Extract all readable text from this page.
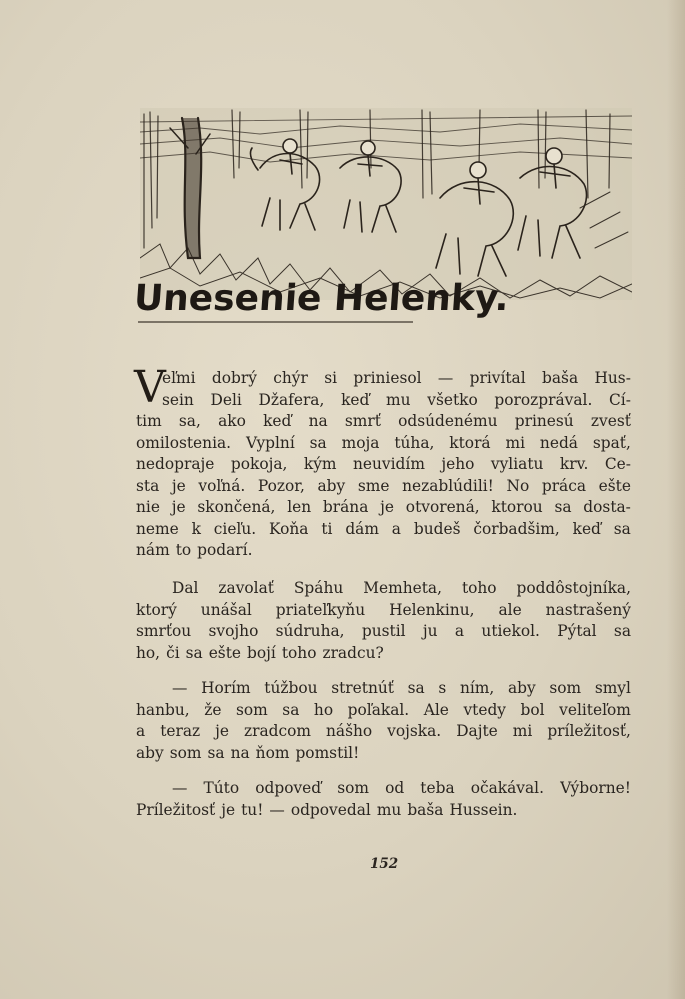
Unesenie Helenky.
V
eľmi dobrý chýr si priniesol — privítal baša Hus-
sein Deli Džafera, keď mu všetko porozprával. Cí-
tim sa, ako keď na smrť odsúdenému prinesú zvesť
omilostenia. Vyplní sa moja túha, ktorá mi nedá spať,
nedopraje pokoja, kým neuvidím jeho vyliatu krv. Ce-
sta je voľná. Pozor, aby sme nezablúdili! No práca ešte
nie je skončená, len brána je otvorená, ktorou sa dosta-
neme k cieľu. Koňa ti dám a budeš čorbadšim, keď sa
nám to podarí.
Dal zavolať Spáhu Memheta, toho poddôstojníka,
ktorý unášal priateľkyňu Helenkinu, ale nastrašený
smrťou svojho súdruha, pustil ju a utiekol. Pýtal sa
ho, či sa ešte bojí toho zradcu?
— Horím túžbou stretnúť sa s ním, aby som smyl
hanbu, že som sa ho poľakal. Ale vtedy bol veliteľom
a teraz je zradcom nášho vojska. Dajte mi príležitosť,
aby som sa na ňom pomstil!
— Túto odpoveď som od teba očakával. Výborne!
Príležitosť je tu! — odpovedal mu baša Hussein.
152
